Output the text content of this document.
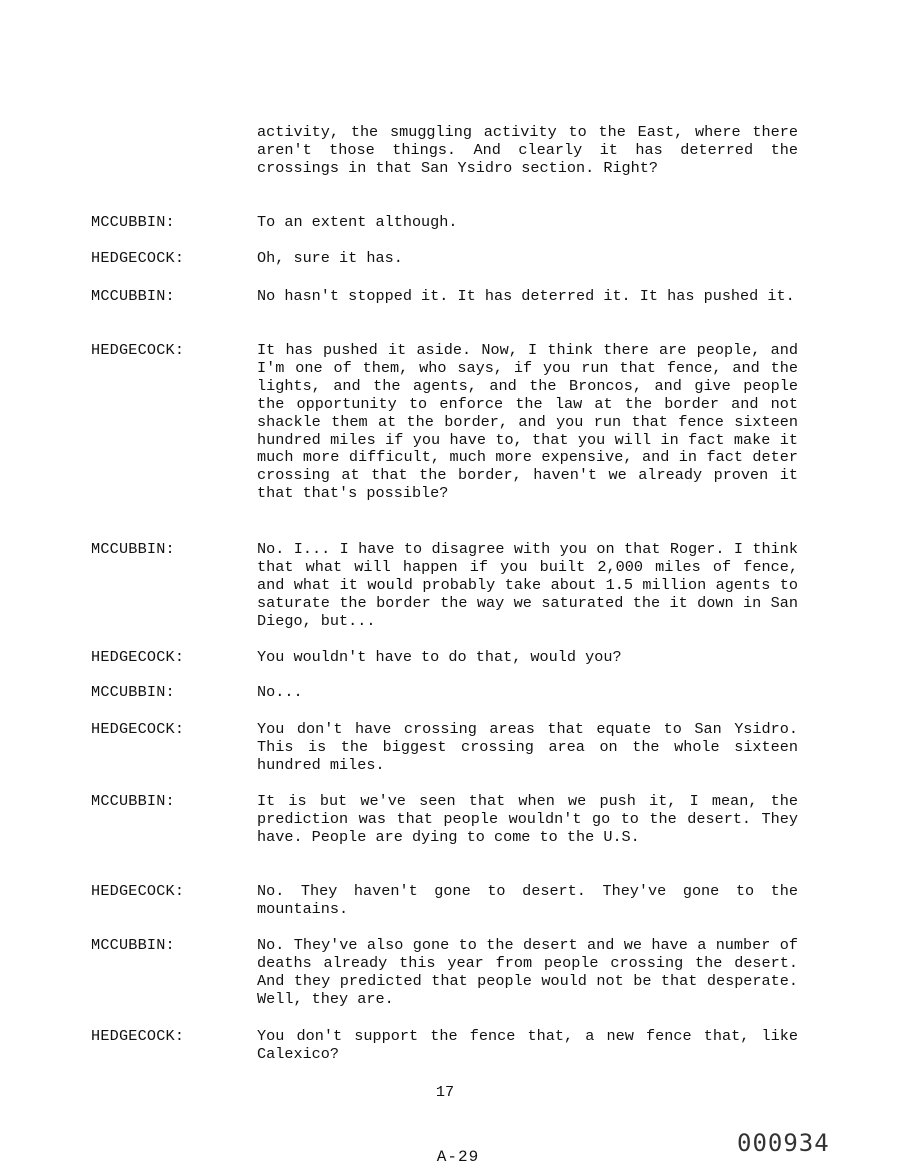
activity, the smuggling activity to the East, where there aren't those things. And clearly it has deterred the crossings in that San Ysidro section. Right?
MCCUBBIN:	To an extent although.
HEDGECOCK:	Oh, sure it has.
MCCUBBIN:	No hasn't stopped it. It has deterred it. It has pushed it.
HEDGECOCK:	It has pushed it aside. Now, I think there are people, and I'm one of them, who says, if you run that fence, and the lights, and the agents, and the Broncos, and give people the opportunity to enforce the law at the border and not shackle them at the border, and you run that fence sixteen hundred miles if you have to, that you will in fact make it much more difficult, much more expensive, and in fact deter crossing at that the border, haven't we already proven it that that's possible?
MCCUBBIN:	No. I... I have to disagree with you on that Roger. I think that what will happen if you built 2,000 miles of fence, and what it would probably take about 1.5 million agents to saturate the border the way we saturated the it down in San Diego, but...
HEDGECOCK:	You wouldn't have to do that, would you?
MCCUBBIN:	No...
HEDGECOCK:	You don't have crossing areas that equate to San Ysidro. This is the biggest crossing area on the whole sixteen hundred miles.
MCCUBBIN:	It is but we've seen that when we push it, I mean, the prediction was that people wouldn't go to the desert. They have. People are dying to come to the U.S.
HEDGECOCK:	No. They haven't gone to desert. They've gone to the mountains.
MCCUBBIN:	No. They've also gone to the desert and we have a number of deaths already this year from people crossing the desert. And they predicted that people would not be that desperate. Well, they are.
HEDGECOCK:	You don't support the fence that, a new fence that, like Calexico?
17
A-29	000934
